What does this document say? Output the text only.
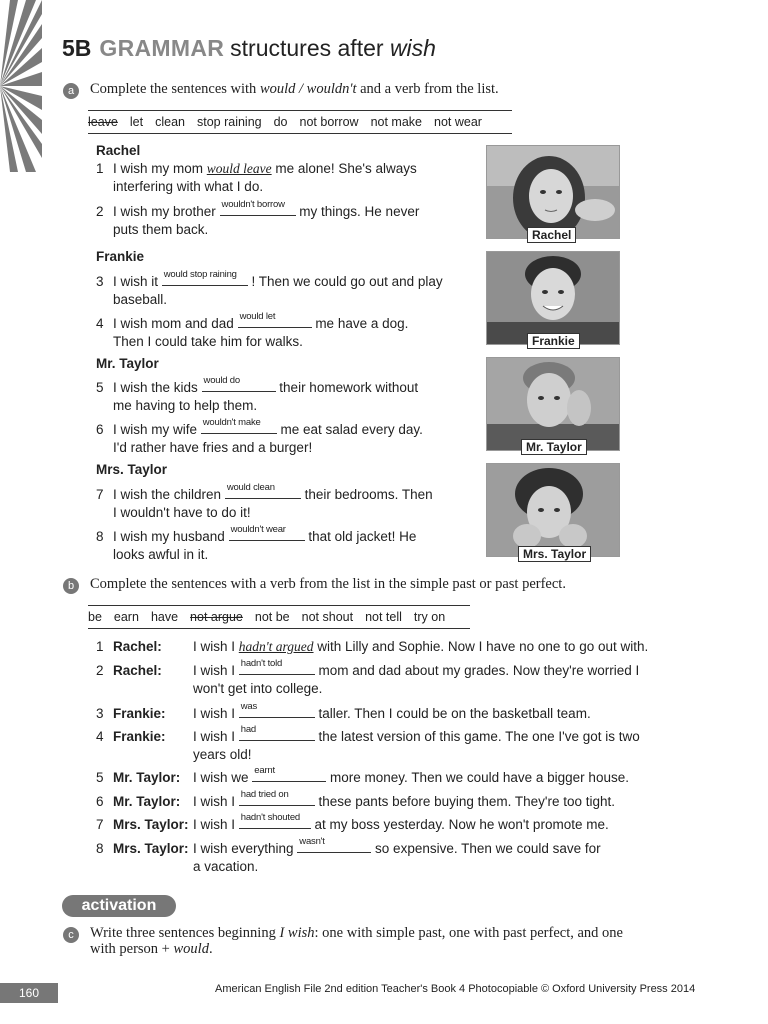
5B GRAMMAR structures after wish
a	Complete the sentences with would / wouldn't and a verb from the list.
leave let clean stop raining do not borrow not make not wear
Rachel
Frankie
Mr. Taylor
Mrs. Taylor
1 I wish my mom would leave me alone! She's always
interfering with what I do.
2 I wish my brother wouldn't borrow my things. He never
puts them back.
3 I wish it would stop raining ! Then we could go out and play
baseball.
4 I wish mom and dad would let	me have a dog.
Then I could take him for walks.
5 I wish the kids would do	their homework without
me having to help them.
6 I wish my wife wouldn't make me eat salad every day.
I'd rather have fries and a burger!
7 I wish the children would clean their bedrooms. Then
I wouldn't have to do it!
8 I wish my husband wouldn't wear that old jacket! He
looks awful in it.
Rachel
Frankie
Mr. Taylor
Mrs. Taylor
b	Complete the sentences with a verb from the list in the simple past or past perfect.
be earn have not argue not be not shout not tell try on
1 Rachel: I wish I hadn't argued with Lilly and Sophie. Now I have no one to go out with.
2 Rachel: I wish I hadn't told mom and dad about my grades. Now they're worried I
won't get into college.
3 Frankie: I wish I was	taller. Then I could be on the basketball team.
4 Frankie: I wish I had	the latest version of this game. The one I've got is two
years old!
5 Mr. Taylor: I wish we earnt	more money. Then we could have a bigger house.
6 Mr. Taylor: I wish I had tried on these pants before buying them. They're too tight.
7 Mrs. Taylor: I wish I hadn't shouted at my boss yesterday. Now he won't promote me.
8 Mrs. Taylor: I wish everything wasn't	so expensive. Then we could save for
a vacation.
activation
c	Write three sentences beginning I wish: one with simple past, one with past perfect, and one
with person + would.
160	American English File 2nd edition Teacher's Book 4 Photocopiable © Oxford University Press 2014
